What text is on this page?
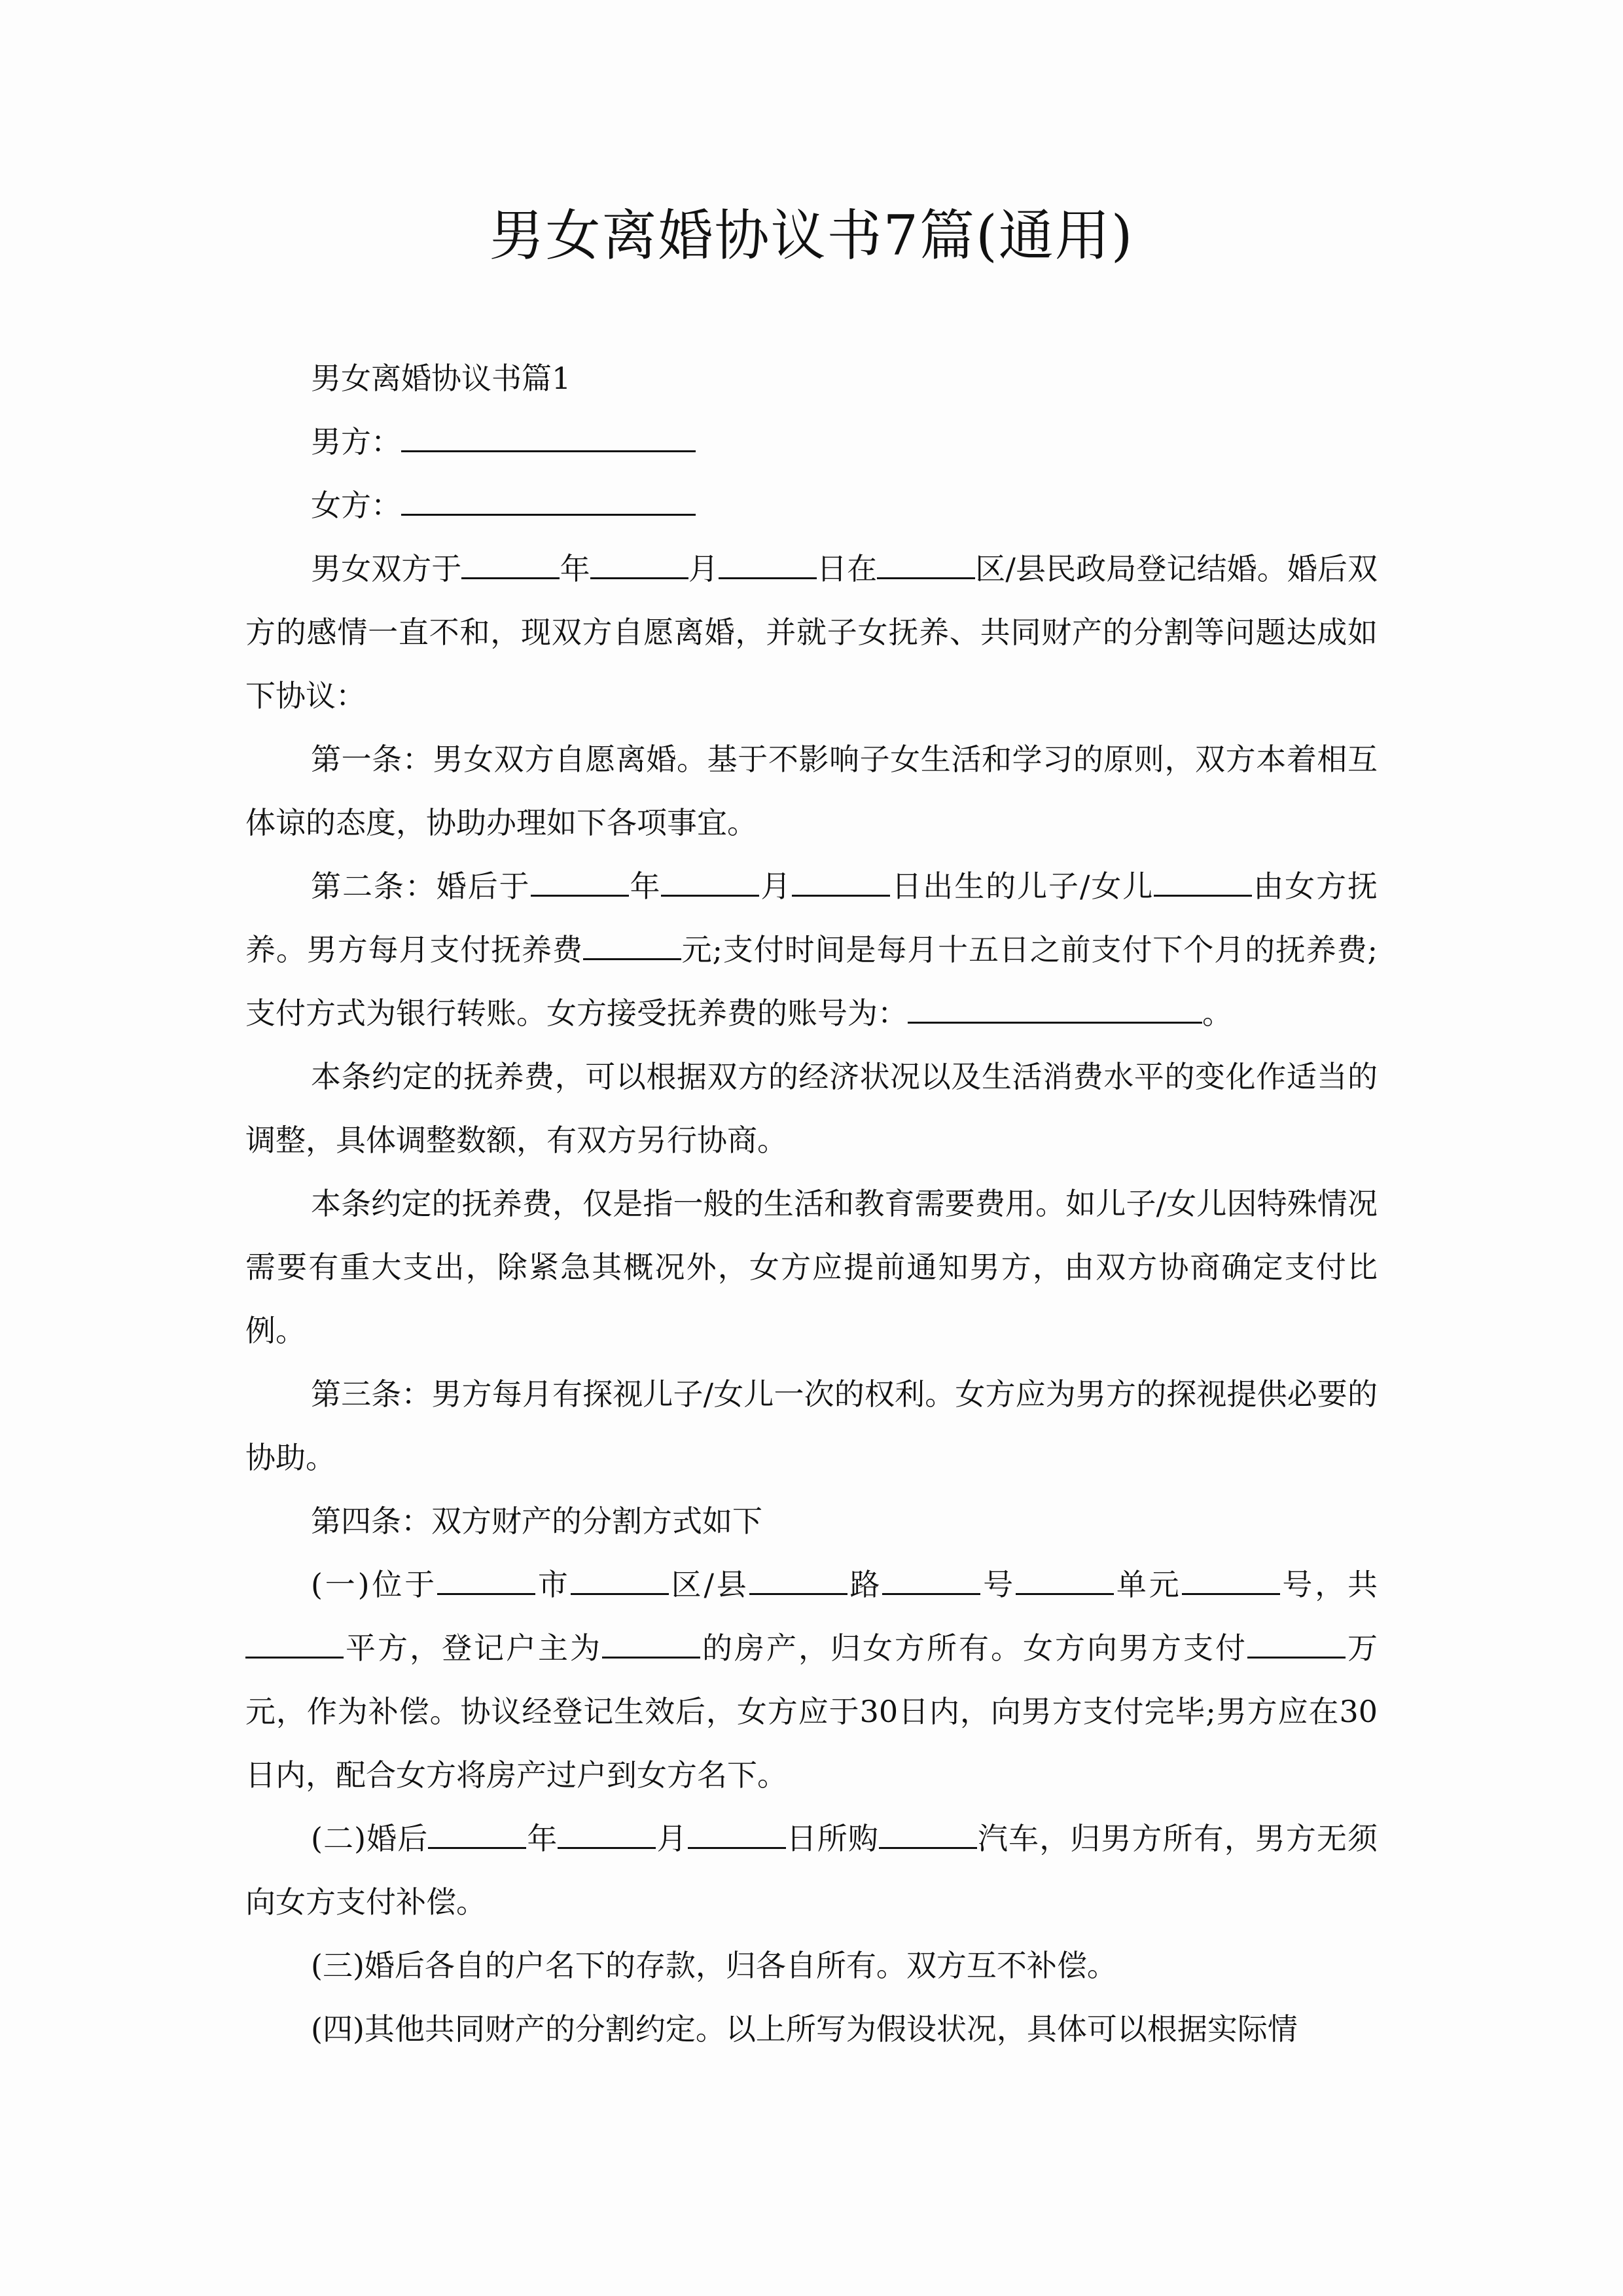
男女离婚协议书7篇(通用)

男女离婚协议书篇1

男方：

女方：

男女双方于	年	月	日在	区/县民政局登记结婚。婚后双方的感情一直不和，现双方自愿离婚，并就子女抚养、共同财产的分割等问题达成如下协议：

第一条：男女双方自愿离婚。基于不影响子女生活和学习的原则，双方本着相互体谅的态度，协助办理如下各项事宜。

第二条：婚后于	年	月	日出生的儿子/女儿	由女方抚养。男方每月支付抚养费	元;支付时间是每月十五日之前支付下个月的抚养费;支付方式为银行转账。女方接受抚养费的账号为：	。

本条约定的抚养费，可以根据双方的经济状况以及生活消费水平的变化作适当的调整，具体调整数额，有双方另行协商。

本条约定的抚养费，仅是指一般的生活和教育需要费用。如儿子/女儿因特殊情况需要有重大支出，除紧急其概况外，女方应提前通知男方，由双方协商确定支付比例。

第三条：男方每月有探视儿子/女儿一次的权利。女方应为男方的探视提供必要的协助。

第四条：双方财产的分割方式如下

(一)位于	市	区/县	路	号	单元	号，共平方，登记户主为	的房产，归女方所有。女方向男方支付	万元，作为补偿。协议经登记生效后，女方应于30日内，向男方支付完毕;男方应在30日内，配合女方将房产过户到女方名下。

(二)婚后	年	月	日所购	汽车，归男方所有，男方无须向女方支付补偿。

(三)婚后各自的户名下的存款，归各自所有。双方互不补偿。

(四)其他共同财产的分割约定。以上所写为假设状况，具体可以根据实际情
